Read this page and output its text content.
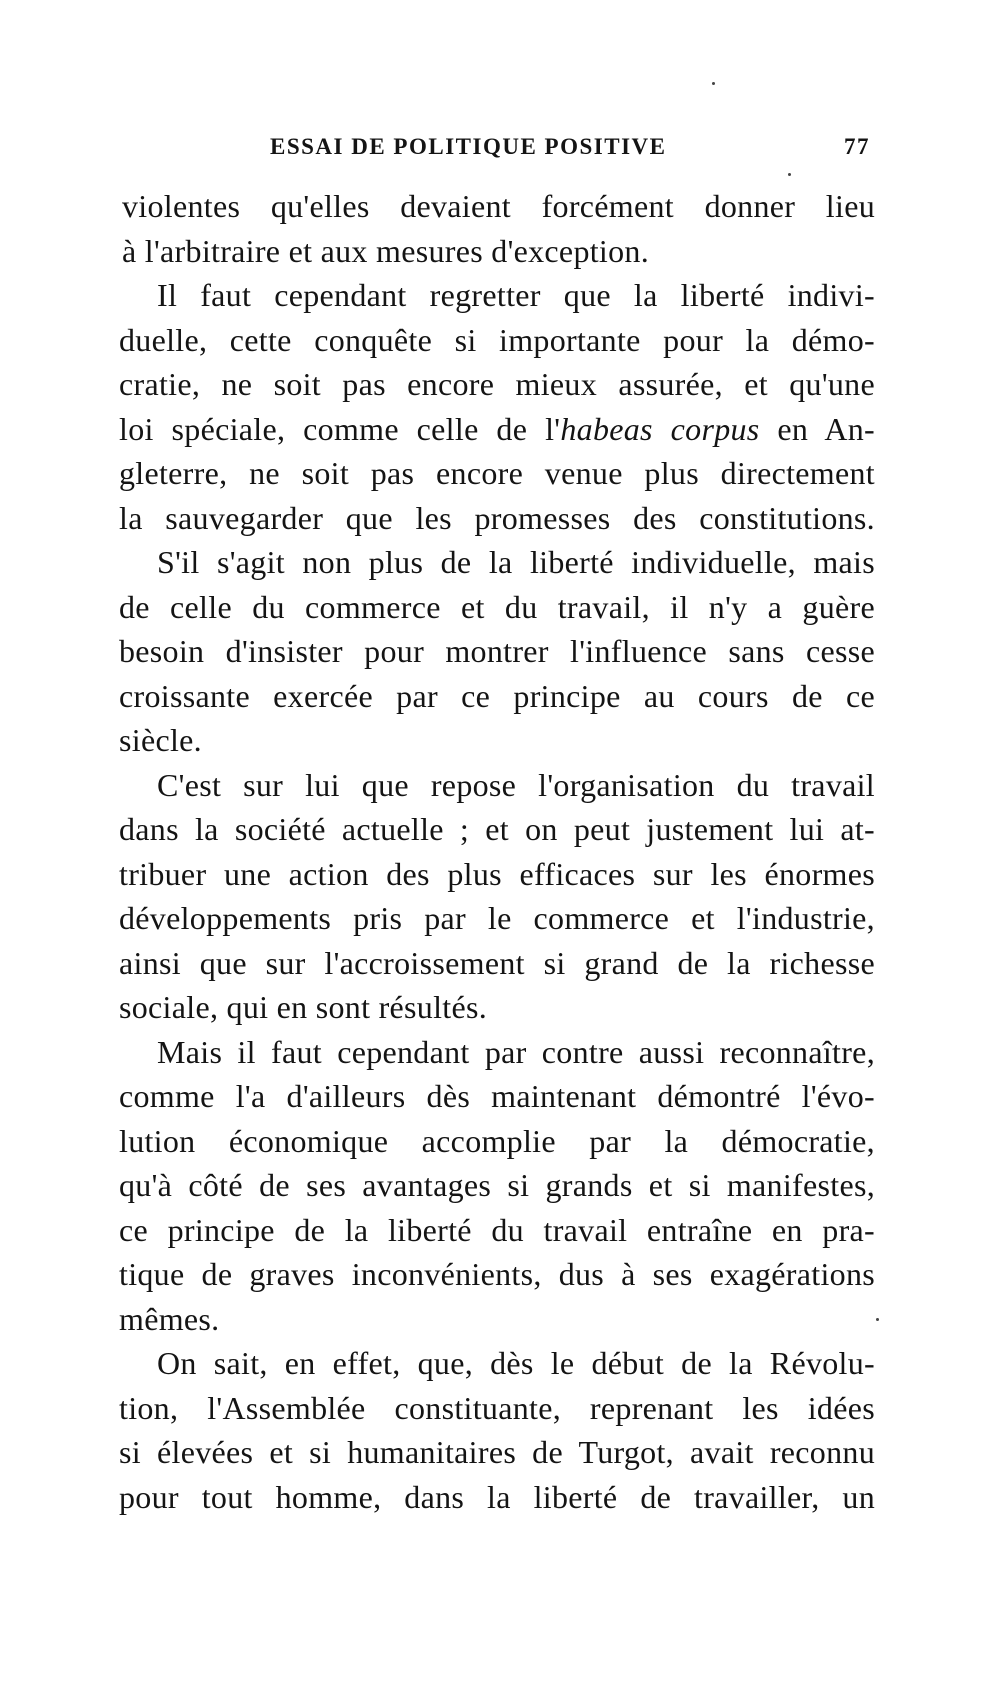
ESSAI DE POLITIQUE POSITIVE	77
violentes qu'elles devaient forcément donner lieu
à l'arbitraire et aux mesures d'exception.
Il faut cependant regretter que la liberté indivi-
duelle, cette conquête si importante pour la démo-
cratie, ne soit pas encore mieux assurée, et qu'une
loi spéciale, comme celle de l'habeas corpus en An-
gleterre, ne soit pas encore venue plus directement
la sauvegarder que les promesses des constitutions.
S'il s'agit non plus de la liberté individuelle, mais
de celle du commerce et du travail, il n'y a guère
besoin d'insister pour montrer l'influence sans cesse
croissante exercée par ce principe au cours de ce
siècle.
C'est sur lui que repose l'organisation du travail
dans la société actuelle ; et on peut justement lui at-
tribuer une action des plus efficaces sur les énormes
développements pris par le commerce et l'industrie,
ainsi que sur l'accroissement si grand de la richesse
sociale, qui en sont résultés.
Mais il faut cependant par contre aussi reconnaître,
comme l'a d'ailleurs dès maintenant démontré l'évo-
lution économique accomplie par la démocratie,
qu'à côté de ses avantages si grands et si manifestes,
ce principe de la liberté du travail entraîne en pra-
tique de graves inconvénients, dus à ses exagérations
mêmes.
On sait, en effet, que, dès le début de la Révolu-
tion, l'Assemblée constituante, reprenant les idées
si élevées et si humanitaires de Turgot, avait reconnu
pour tout homme, dans la liberté de travailler, un
